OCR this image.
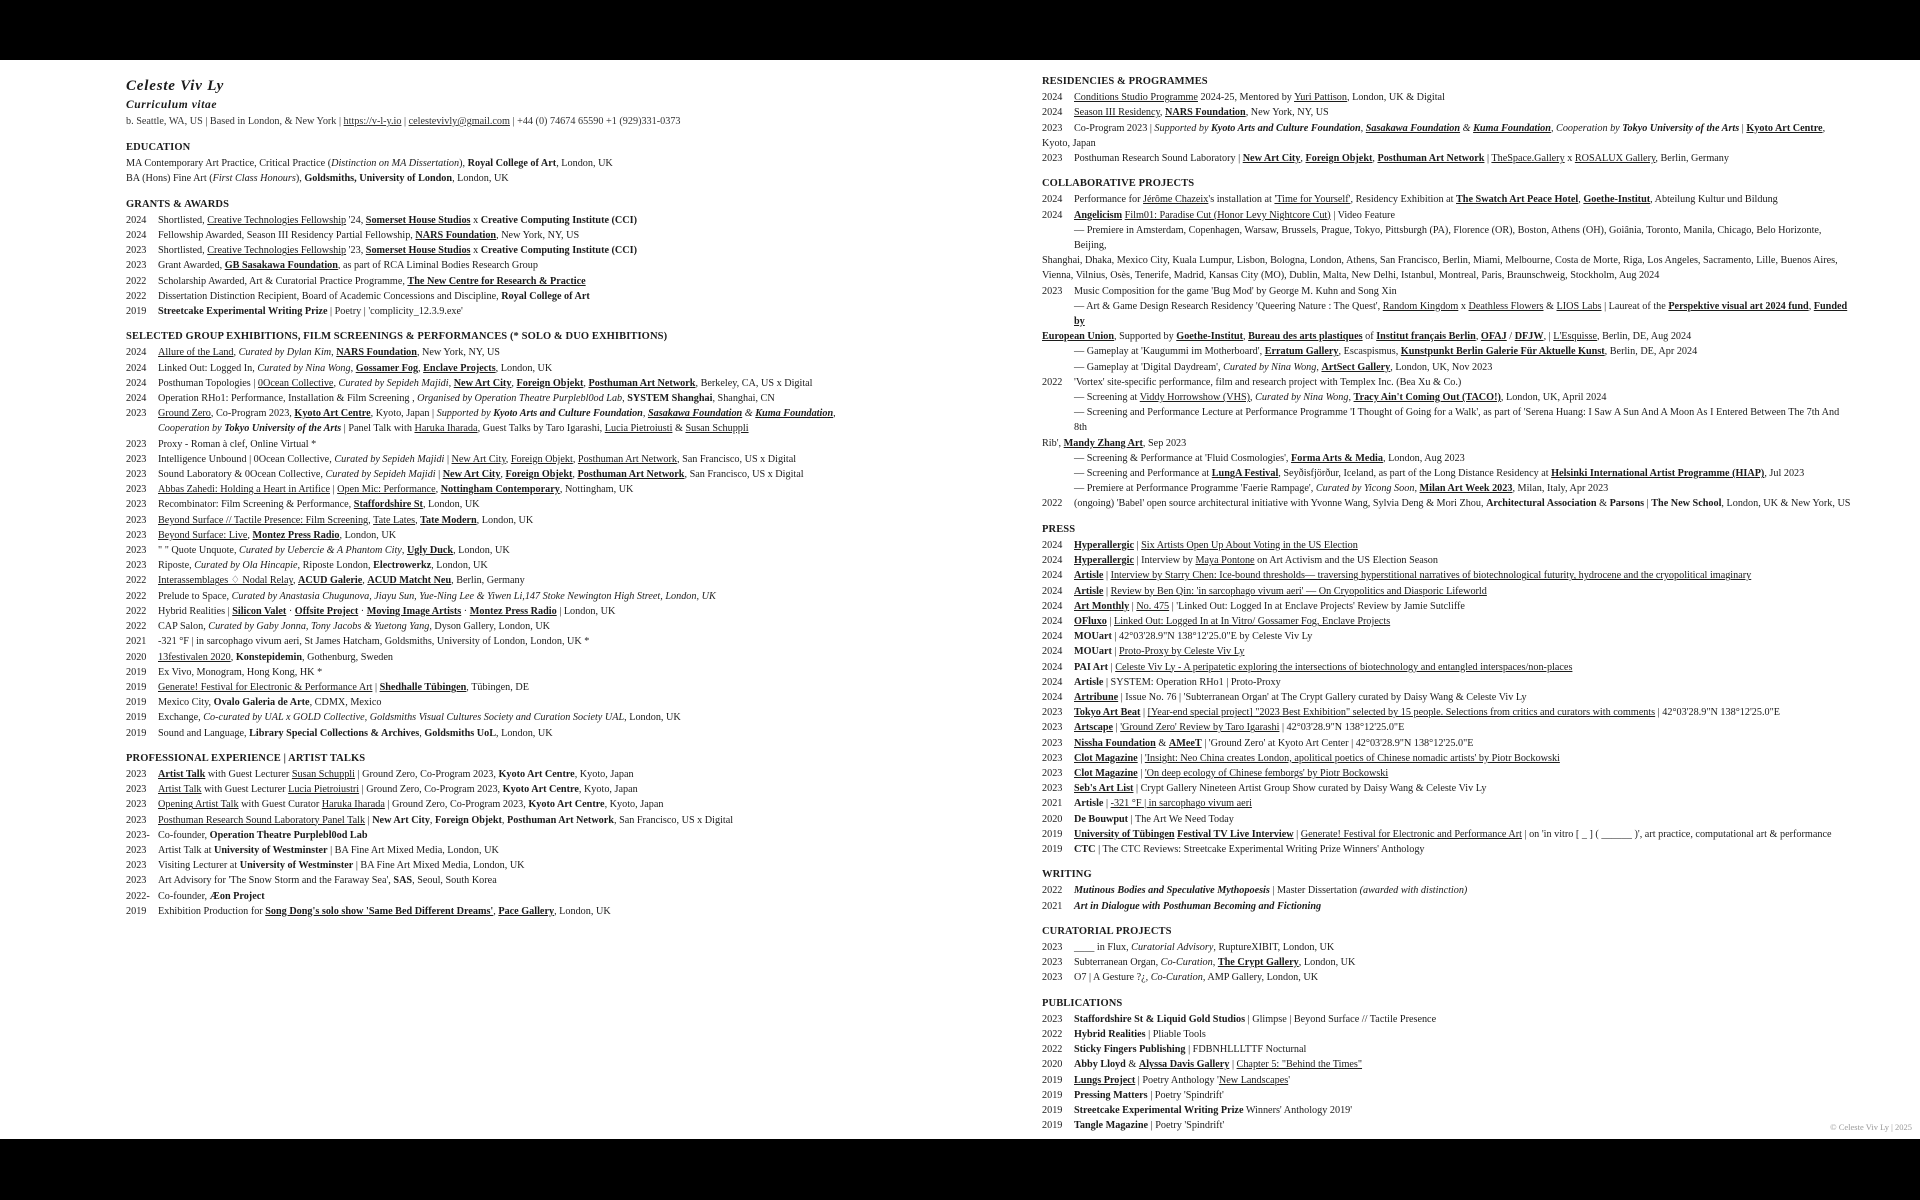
Celeste Viv Ly
Curriculum vitae
b. Seattle, WA, US | Based in London, & New York | https://v-l-y.io | celestevivly@gmail.com | +44 (0) 74674 65590 +1 (929)331-0373
EDUCATION
MA Contemporary Art Practice, Critical Practice (Distinction on MA Dissertation), Royal College of Art, London, UK
BA (Hons) Fine Art (First Class Honours), Goldsmiths, University of London, London, UK
GRANTS & AWARDS
2024	Shortlisted, Creative Technologies Fellowship '24, Somerset House Studios x Creative Computing Institute (CCI)
2024	Fellowship Awarded, Season III Residency Partial Fellowship, NARS Foundation, New York, NY, US
2023	Shortlisted, Creative Technologies Fellowship '23, Somerset House Studios x Creative Computing Institute (CCI)
2023	Grant Awarded, GB Sasakawa Foundation, as part of RCA Liminal Bodies Research Group
2022	Scholarship Awarded, Art & Curatorial Practice Programme, The New Centre for Research & Practice
2022	Dissertation Distinction Recipient, Board of Academic Concessions and Discipline, Royal College of Art
2019	Streetcake Experimental Writing Prize | Poetry | 'complicity_12.3.9.exe'
SELECTED GROUP EXHIBITIONS, FILM SCREENINGS & PERFORMANCES (* SOLO & DUO EXHIBITIONS)
2024	Allure of the Land, Curated by Dylan Kim, NARS Foundation, New York, NY, US
2024	Linked Out: Logged In, Curated by Nina Wong, Gossamer Fog, Enclave Projects, London, UK
2024	Posthuman Topologies | 0Ocean Collective, Curated by Sepideh Majidi, New Art City, Foreign Objekt, Posthuman Art Network, Berkeley, CA, US x Digital
2024	Operation RHo1: Performance, Installation & Film Screening , Organised by Operation Theatre Purplebl0od Lab, SYSTEM Shanghai, Shanghai, CN
2023	Ground Zero, Co-Program 2023, Kyoto Art Centre, Kyoto, Japan | Supported by Kyoto Arts and Culture Foundation, Sasakawa Foundation & Kuma Foundation,
Cooperation by Tokyo University of the Arts | Panel Talk with Haruka Iharada, Guest Talks by Taro Igarashi, Lucia Pietroiusti & Susan Schuppli
2023	Proxy - Roman à clef, Online Virtual *
2023	Intelligence Unbound | 0Ocean Collective, Curated by Sepideh Majidi | New Art City, Foreign Objekt, Posthuman Art Network, San Francisco, US x Digital
2023	Sound Laboratory & 0Ocean Collective, Curated by Sepideh Majidi | New Art City, Foreign Objekt, Posthuman Art Network, San Francisco, US x Digital
2023	Abbas Zahedi: Holding a Heart in Artifice | Open Mic: Performance, Nottingham Contemporary, Nottingham, UK
2023	Recombinator: Film Screening & Performance, Staffordshire St, London, UK
2023	Beyond Surface // Tactile Presence: Film Screening, Tate Lates, Tate Modern, London, UK
2023	Beyond Surface: Live, Montez Press Radio, London, UK
2023	" " Quote Unquote, Curated by Uebercie & A Phantom City, Ugly Duck, London, UK
2023	Riposte, Curated by Ola Hincapie, Riposte London, Electrowerkz, London, UK
2022	Interassemblages ♢ Nodal Relay, ACUD Galerie, ACUD Matcht Neu, Berlin, Germany
2022	Prelude to Space, Curated by Anastasia Chugunova, Jiayu Sun, Yue-Ning Lee & Yiwen Li,147 Stoke Newington High Street, London, UK
2022	Hybrid Realities | Silicon Valet · Offsite Project · Moving Image Artists · Montez Press Radio | London, UK
2022	CAP Salon, Curated by Gaby Jonna, Tony Jacobs & Yuetong Yang, Dyson Gallery, London, UK
2021	-321 °F | in sarcophago vivum aeri, St James Hatcham, Goldsmiths, University of London, London, UK *
2020	13festivalen 2020, Konstepidemin, Gothenburg, Sweden
2019	Ex Vivo, Monogram, Hong Kong, HK *
2019	Generate! Festival for Electronic & Performance Art | Shedhalle Tübingen, Tübingen, DE
2019	Mexico City, Ovalo Galeria de Arte, CDMX, Mexico
2019	Exchange, Co-curated by UAL x GOLD Collective, Goldsmiths Visual Cultures Society and Curation Society UAL, London, UK
2019	Sound and Language, Library Special Collections & Archives, Goldsmiths UoL, London, UK
PROFESSIONAL EXPERIENCE | ARTIST TALKS
2023	Artist Talk with Guest Lecturer Susan Schuppli | Ground Zero, Co-Program 2023, Kyoto Art Centre, Kyoto, Japan
2023	Artist Talk with Guest Lecturer Lucia Pietroiustri | Ground Zero, Co-Program 2023, Kyoto Art Centre, Kyoto, Japan
2023	Opening Artist Talk with Guest Curator Haruka Iharada | Ground Zero, Co-Program 2023, Kyoto Art Centre, Kyoto, Japan
2023	Posthuman Research Sound Laboratory Panel Talk | New Art City, Foreign Objekt, Posthuman Art Network, San Francisco, US x Digital
2023- Co-founder, Operation Theatre Purplebl0od Lab
2023	Artist Talk at University of Westminster | BA Fine Art Mixed Media, London, UK
2023	Visiting Lecturer at University of Westminster | BA Fine Art Mixed Media, London, UK
2023	Art Advisory for 'The Snow Storm and the Faraway Sea', SAS, Seoul, South Korea
2022- Co-founder, Æon Project
2019	Exhibition Production for Song Dong's solo show 'Same Bed Different Dreams', Pace Gallery, London, UK
RESIDENCIES & PROGRAMMES
2024	Conditions Studio Programme 2024-25, Mentored by Yuri Pattison, London, UK & Digital
2024	Season III Residency, NARS Foundation, New York, NY, US
2023	Co-Program 2023 | Supported by Kyoto Arts and Culture Foundation, Sasakawa Foundation & Kuma Foundation, Cooperation by Tokyo University of the Arts | Kyoto Art Centre,
Kyoto, Japan
2023	Posthuman Research Sound Laboratory | New Art City, Foreign Objekt, Posthuman Art Network | TheSpace.Gallery x ROSALUX Gallery, Berlin, Germany
COLLABORATIVE PROJECTS
2024	Performance for Jérôme Chazeix's installation at 'Time for Yourself', Residency Exhibition at The Swatch Art Peace Hotel, Goethe-Institut, Abteilung Kultur und Bildung
2024	Angelicism Film01: Paradise Cut (Honor Levy Nightcore Cut) | Video Feature
— Premiere in Amsterdam, Copenhagen, Warsaw, Brussels, Prague, Tokyo, Pittsburgh (PA), Florence (OR), Boston, Athens (OH), Goiânia, Toronto, Manila, Chicago, Belo Horizonte, Beijing,
Shanghai, Dhaka, Mexico City, Kuala Lumpur, Lisbon, Bologna, London, Athens, San Francisco, Berlin, Miami, Melbourne, Costa de Morte, Riga, Los Angeles, Sacramento, Lille, Buenos Aires,
Vienna, Vilnius, Osès, Tenerife, Madrid, Kansas City (MO), Dublin, Malta, New Delhi, Istanbul, Montreal, Paris, Braunschweig, Stockholm, Aug 2024
2023	Music Composition for the game 'Bug Mod' by George M. Kuhn and Song Xin
— Art & Game Design Research Residency 'Queering Nature : The Quest', Random Kingdom x Deathless Flowers & LIOS Labs | Laureat of the Perspektive visual art 2024 fund, Funded by
European Union, Supported by Goethe-Institut, Bureau des arts plastiques of Institut français Berlin, OFAJ / DFJW, | L'Esquisse, Berlin, DE, Aug 2024
— Gameplay at 'Kaugummi im Motherboard', Erratum Gallery, Escaspismus, Kunstpunkt Berlin Galerie Für Aktuelle Kunst, Berlin, DE, Apr 2024
— Gameplay at 'Digital Daydream', Curated by Nina Wong, ArtSect Gallery, London, UK, Nov 2023
2022	'Vortex' site-specific performance, film and research project with Templex Inc. (Bea Xu & Co.)
— Screening at Viddy Horrowshow (VHS), Curated by Nina Wong, Tracy Ain't Coming Out (TACO!), London, UK, April 2024
— Screening and Performance Lecture at Performance Programme 'I Thought of Going for a Walk', as part of 'Serena Huang: I Saw A Sun And A Moon As I Entered Between The 7th And 8th
Rib', Mandy Zhang Art, Sep 2023
— Screening & Performance at 'Fluid Cosmologies', Forma Arts & Media, London, Aug 2023
— Screening and Performance at LungA Festival, Seyðisfjörður, Iceland, as part of the Long Distance Residency at Helsinki International Artist Programme (HIAP), Jul 2023
— Premiere at Performance Programme 'Faerie Rampage', Curated by Yicong Soon, Milan Art Week 2023, Milan, Italy, Apr 2023
2022	(ongoing) 'Babel' open source architectural initiative with Yvonne Wang, Sylvia Deng & Mori Zhou, Architectural Association & Parsons | The New School, London, UK & New York, US
PRESS
2024	Hyperallergic | Six Artists Open Up About Voting in the US Election
2024	Hyperallergic | Interview by Maya Pontone on Art Activism and the US Election Season
2024	Artisle | Interview by Starry Chen: Ice-bound thresholds— traversing hyperstitional narratives of biotechnological futurity, hydrocene and the cryopolitical imaginary
2024	Artisle | Review by Ben Qin: 'in sarcophago vivum aeri' — On Cryopolitics and Diasporic Lifeworld
2024	Art Monthly | No. 475 | 'Linked Out: Logged In at Enclave Projects' Review by Jamie Sutcliffe
2024	OFluxo | Linked Out: Logged In at In Vitro/ Gossamer Fog, Enclave Projects
2024	MOUart | 42°03'28.9"N 138°12'25.0"E by Celeste Viv Ly
2024	MOUart | Proto-Proxy by Celeste Viv Ly
2024	PAI Art | Celeste Viv Ly - A peripatetic exploring the intersections of biotechnology and entangled interspaces/non-places
2024	Artisle | SYSTEM: Operation RHo1 | Proto-Proxy
2024	Artribune | Issue No. 76 | 'Subterranean Organ' at The Crypt Gallery curated by Daisy Wang & Celeste Viv Ly
2023	Tokyo Art Beat | [Year-end special project] "2023 Best Exhibition" selected by 15 people. Selections from critics and curators with comments | 42°03'28.9"N 138°12'25.0"E
2023	Artscape | 'Ground Zero' Review by Taro Igarashi | 42°03'28.9"N 138°12'25.0"E
2023	Nissha Foundation & AMeeT | 'Ground Zero' at Kyoto Art Center | 42°03'28.9"N 138°12'25.0"E
2023	Clot Magazine | 'Insight: Neo China creates London, apolitical poetics of Chinese nomadic artists' by Piotr Bockowski
2023	Clot Magazine | 'On deep ecology of Chinese femborgs' by Piotr Bockowski
2023	Seb's Art List | Crypt Gallery Nineteen Artist Group Show curated by Daisy Wang & Celeste Viv Ly
2021	Artisle | -321 °F | in sarcophago vivum aeri
2020	De Bouwput | The Art We Need Today
2019	University of Tübingen Festival TV Live Interview | Generate! Festival for Electronic and Performance Art | on 'in vitro [ _ ] ( ______ )', art practice, computational art & performance
2019	CTC | The CTC Reviews: Streetcake Experimental Writing Prize Winners' Anthology
WRITING
2022	Mutinous Bodies and Speculative Mythopoesis | Master Dissertation (awarded with distinction)
2021	Art in Dialogue with Posthuman Becoming and Fictioning
CURATORIAL PROJECTS
2023	____ in Flux, Curatorial Advisory, RuptureXIBIT, London, UK
2023	Subterranean Organ, Co-Curation, The Crypt Gallery, London, UK
2023	O7 | A Gesture ?¿, Co-Curation, AMP Gallery, London, UK
PUBLICATIONS
2023	Staffordshire St & Liquid Gold Studios | Glimpse | Beyond Surface // Tactile Presence
2022	Hybrid Realities | Pliable Tools
2022	Sticky Fingers Publishing | FDBNHLLLTTF Nocturnal
2020	Abby Lloyd & Alyssa Davis Gallery | Chapter 5: "Behind the Times"
2019	Lungs Project | Poetry Anthology 'New Landscapes'
2019	Pressing Matters | Poetry 'Spindrift'
2019	Streetcake Experimental Writing Prize Winners' Anthology 2019'
2019	Tangle Magazine | Poetry 'Spindrift'	© Celeste Viv Ly | 2025
